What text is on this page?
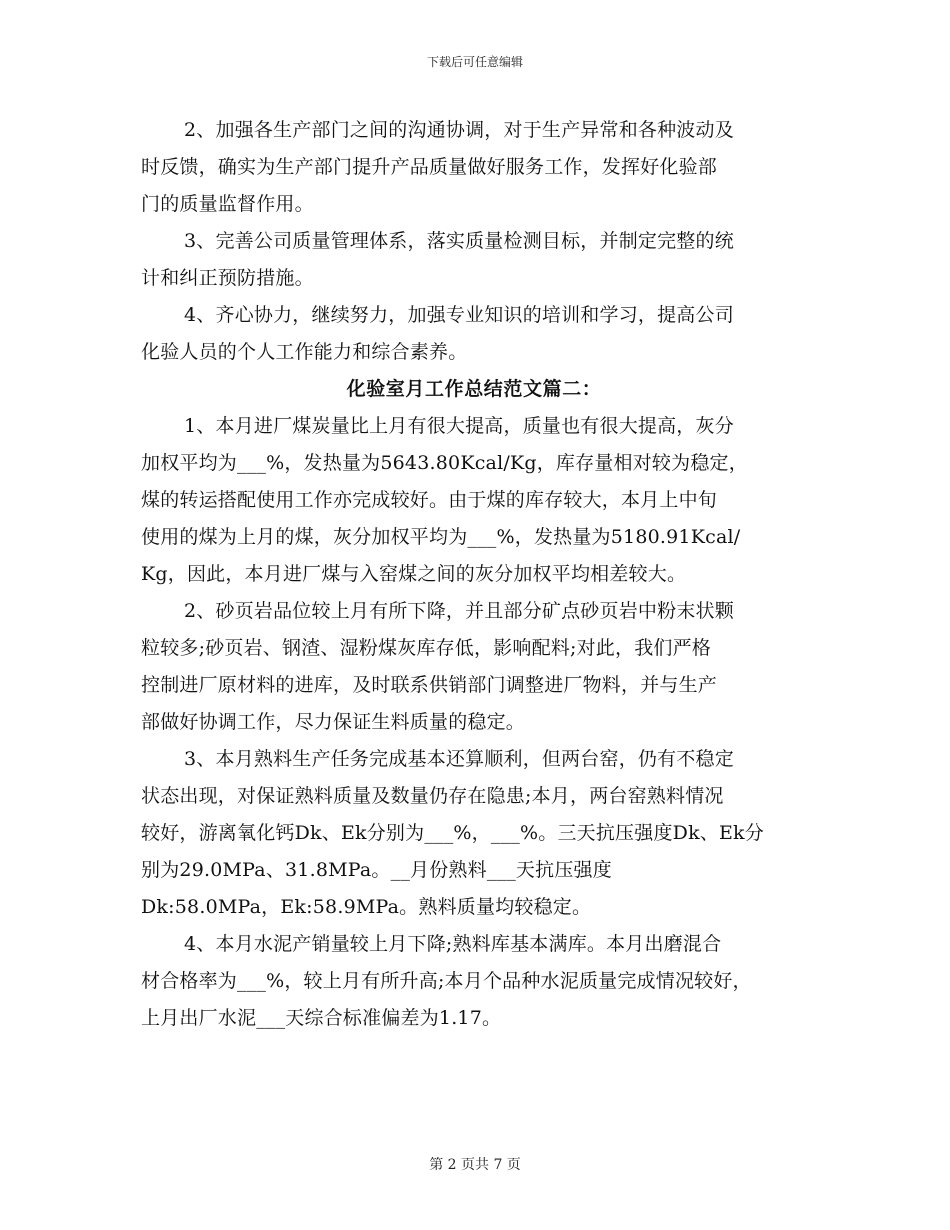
下载后可任意编辑
2、加强各生产部门之间的沟通协调，对于生产异常和各种波动及
时反馈，确实为生产部门提升产品质量做好服务工作，发挥好化验部
门的质量监督作用。
3、完善公司质量管理体系，落实质量检测目标，并制定完整的统
计和纠正预防措施。
4、齐心协力，继续努力，加强专业知识的培训和学习，提高公司
化验人员的个人工作能力和综合素养。
化验室月工作总结范文篇二：
1、本月进厂煤炭量比上月有很大提高，质量也有很大提高，灰分
加权平均为___%，发热量为5643.80Kcal/Kg，库存量相对较为稳定，
煤的转运搭配使用工作亦完成较好。由于煤的库存较大，本月上中旬
使用的煤为上月的煤，灰分加权平均为___%，发热量为5180.91Kcal/
Kg，因此，本月进厂煤与入窑煤之间的灰分加权平均相差较大。
2、砂页岩品位较上月有所下降，并且部分矿点砂页岩中粉末状颗
粒较多;砂页岩、钢渣、湿粉煤灰库存低，影响配料;对此，我们严格
控制进厂原材料的进库，及时联系供销部门调整进厂物料，并与生产
部做好协调工作，尽力保证生料质量的稳定。
3、本月熟料生产任务完成基本还算顺利，但两台窑，仍有不稳定
状态出现，对保证熟料质量及数量仍存在隐患;本月，两台窑熟料情况
较好，游离氧化钙Dk、Ek分别为___%，___%。三天抗压强度Dk、Ek分
别为29.0MPa、31.8MPa。__月份熟料___天抗压强度
Dk:58.0MPa，Ek:58.9MPa。熟料质量均较稳定。
4、本月水泥产销量较上月下降;熟料库基本满库。本月出磨混合
材合格率为___%，较上月有所升高;本月个品种水泥质量完成情况较好，
上月出厂水泥___天综合标准偏差为1.17。
第 2 页共 7 页
